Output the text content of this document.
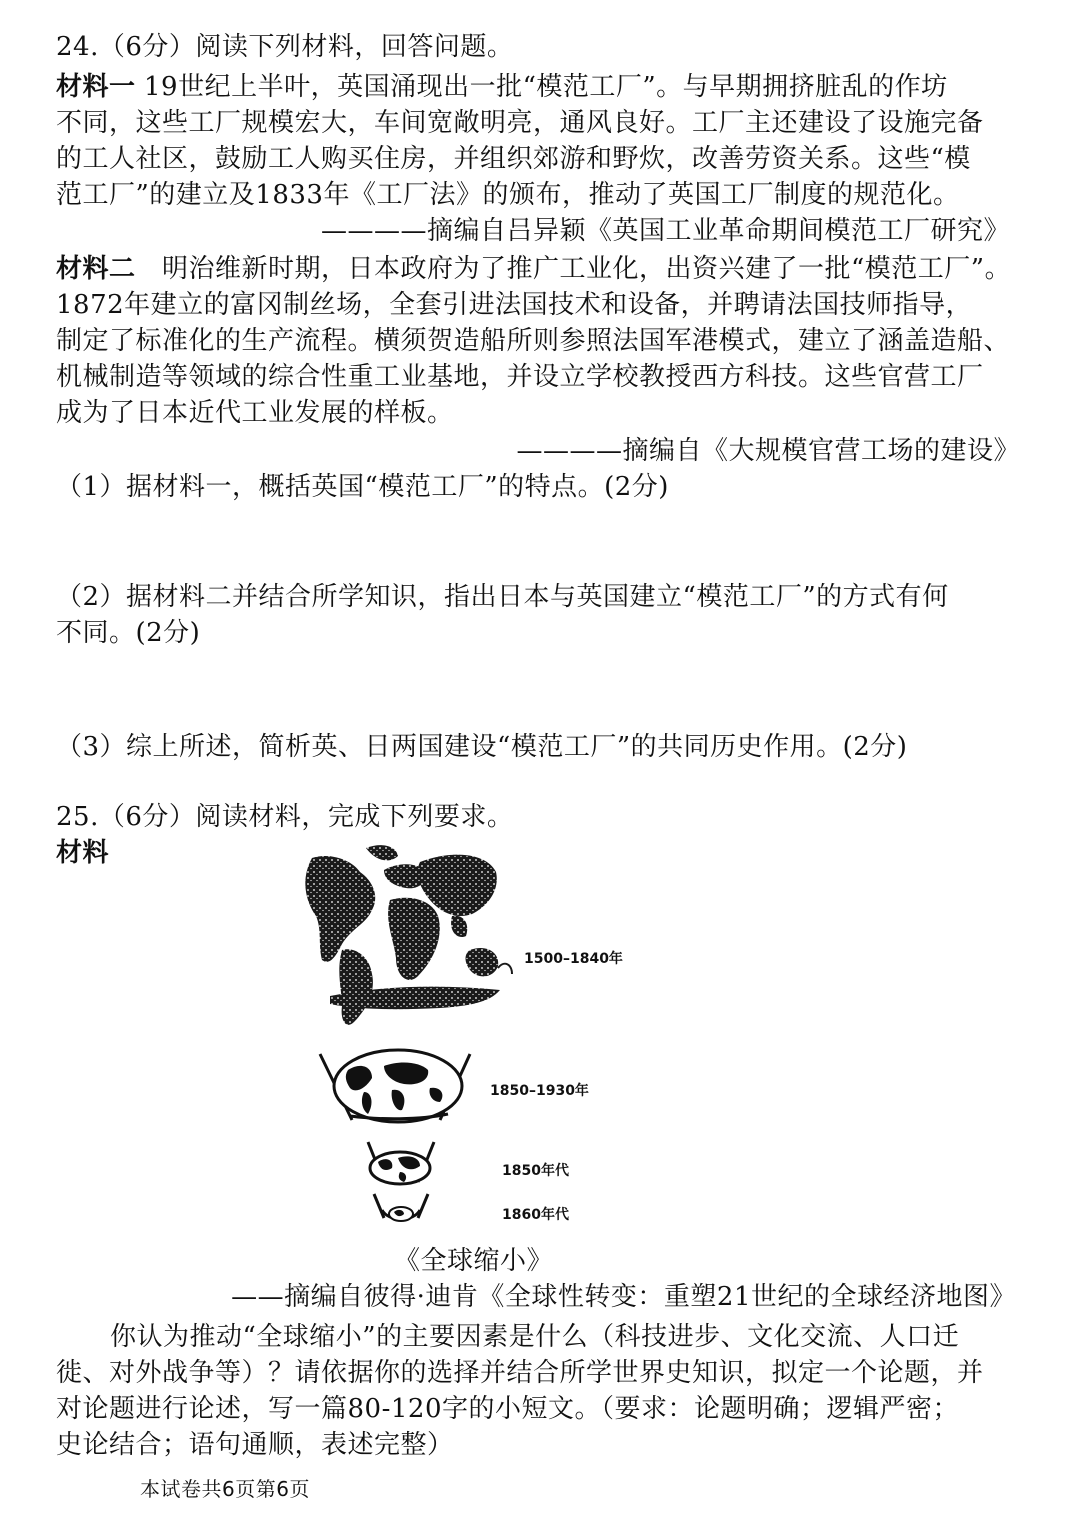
24.（6分）阅读下列材料，回答问题。
材料一 19世纪上半叶，英国涌现出一批“模范工厂”。与早期拥挤脏乱的作坊
不同，这些工厂规模宏大，车间宽敞明亮，通风良好。工厂主还建设了设施完备
的工人社区，鼓励工人购买住房，并组织郊游和野炊，改善劳资关系。这些“模
范工厂”的建立及1833年《工厂法》的颁布，推动了英国工厂制度的规范化。
————摘编自吕异颖《英国工业革命期间模范工厂研究》
材料二 明治维新时期，日本政府为了推广工业化，出资兴建了一批“模范工厂”。
1872年建立的富冈制丝场，全套引进法国技术和设备，并聘请法国技师指导，
制定了标准化的生产流程。横须贺造船所则参照法国军港模式，建立了涵盖造船、
机械制造等领域的综合性重工业基地，并设立学校教授西方科技。这些官营工厂
成为了日本近代工业发展的样板。
————摘编自《大规模官营工场的建设》
（1）据材料一，概括英国“模范工厂”的特点。(2分)
（2）据材料二并结合所学知识，指出日本与英国建立“模范工厂”的方式有何
不同。(2分)
（3）综上所述，简析英、日两国建设“模范工厂”的共同历史作用。(2分)
25.（6分）阅读材料，完成下列要求。
材料
1500–1840年
1850–1930年
1850年代
1860年代
《全球缩小》
——摘编自彼得·迪肯《全球性转变：重塑21世纪的全球经济地图》
你认为推动“全球缩小”的主要因素是什么（科技进步、文化交流、人口迁
徙、对外战争等）？请依据你的选择并结合所学世界史知识，拟定一个论题，并
对论题进行论述，写一篇80-120字的小短文。（要求：论题明确；逻辑严密；
史论结合；语句通顺，表述完整）
本试卷共6页第6页
